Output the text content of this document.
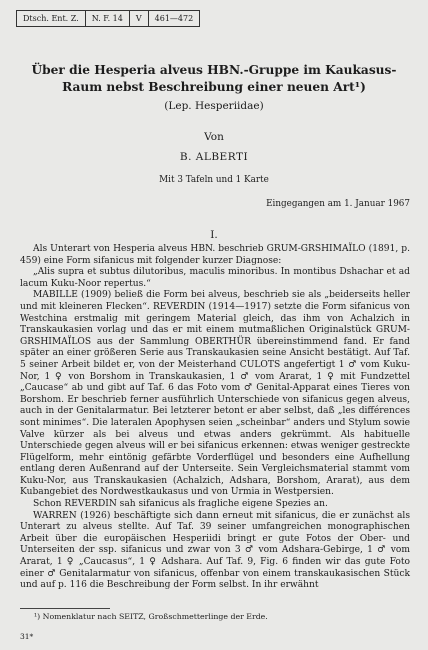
Dtsch. Ent. Z.	N. F. 14	V	461—472
Über die Hesperia alveus HBN.-Gruppe im Kaukasus-Raum nebst Beschreibung einer neuen Art¹)
(Lep. Hesperiidae)
Von
B. ALBERTI
Mit 3 Tafeln und 1 Karte
Eingegangen am 1. Januar 1967
I.

Als Unterart von Hesperia alveus HBN. beschrieb GRUM-GRSHIMAÏLO (1891, p. 459) eine Form sifanicus mit folgender kurzer Diagnose:

„Alis supra et subtus dilutoribus, maculis minoribus. In montibus Dshachar et ad lacum Kuku-Noor repertus.“

MABILLE (1909) beließ die Form bei alveus, beschrieb sie als „beiderseits heller und mit kleineren Flecken“. REVERDIN (1914—1917) setzte die Form sifanicus von Westchina erstmalig mit geringem Material gleich, das ihm von Achalzich in Transkaukasien vorlag und das er mit einem mutmaßlichen Originalstück GRUM-GRSHIMAÏLOS aus der Sammlung OBERTHÜR übereinstimmend fand. Er fand später an einer größeren Serie aus Transkaukasien seine Ansicht bestätigt. Auf Taf. 5 seiner Arbeit bildet er, von der Meisterhand CULOTS angefertigt 1 ♂ vom Kuku-Nor, 1 ♀ von Borshom in Transkaukasien, 1 ♂ vom Ararat, 1 ♀ mit Fundzettel „Caucase“ ab und gibt auf Taf. 6 das Foto vom ♂ Genital-Apparat eines Tieres von Borshom. Er beschrieb ferner ausführlich Unterschiede von sifanicus gegen alveus, auch in der Genitalarmatur. Bei letzterer betont er aber selbst, daß „les différences sont minimes“. Die lateralen Apophysen seien „scheinbar“ anders und Stylum sowie Valve kürzer als bei alveus und etwas anders gekrümmt. Als habituelle Unterschiede gegen alveus will er bei sifanicus erkennen: etwas weniger gestreckte Flügelform, mehr eintönig gefärbte Vorderflügel und besonders eine Aufhellung entlang deren Außenrand auf der Unterseite. Sein Vergleichsmaterial stammt vom Kuku-Nor, aus Transkaukasien (Achalzich, Adshara, Borshom, Ararat), aus dem Kubangebiet des Nordwestkaukasus und von Urmia in Westpersien.

Schon REVERDIN sah sifanicus als fragliche eigene Spezies an.

WARREN (1926) beschäftigte sich dann erneut mit sifanicus, die er zunächst als Unterart zu alveus stellte. Auf Taf. 39 seiner umfangreichen monographischen Arbeit über die europäischen Hesperiidi bringt er gute Fotos der Ober- und Unterseiten der ssp. sifanicus und zwar von 3 ♂ vom Adshara-Gebirge, 1 ♂ vom Ararat, 1 ♀ „Caucasus“, 1 ♀ Adshara. Auf Taf. 9, Fig. 6 finden wir das gute Foto einer ♂ Genitalarmatur von sifanicus, offenbar von einem transkaukasischen Stück und auf p. 116 die Beschreibung der Form selbst. In ihr erwähnt

¹) Nomenklatur nach SEITZ, Großschmetterlinge der Erde.
31*
